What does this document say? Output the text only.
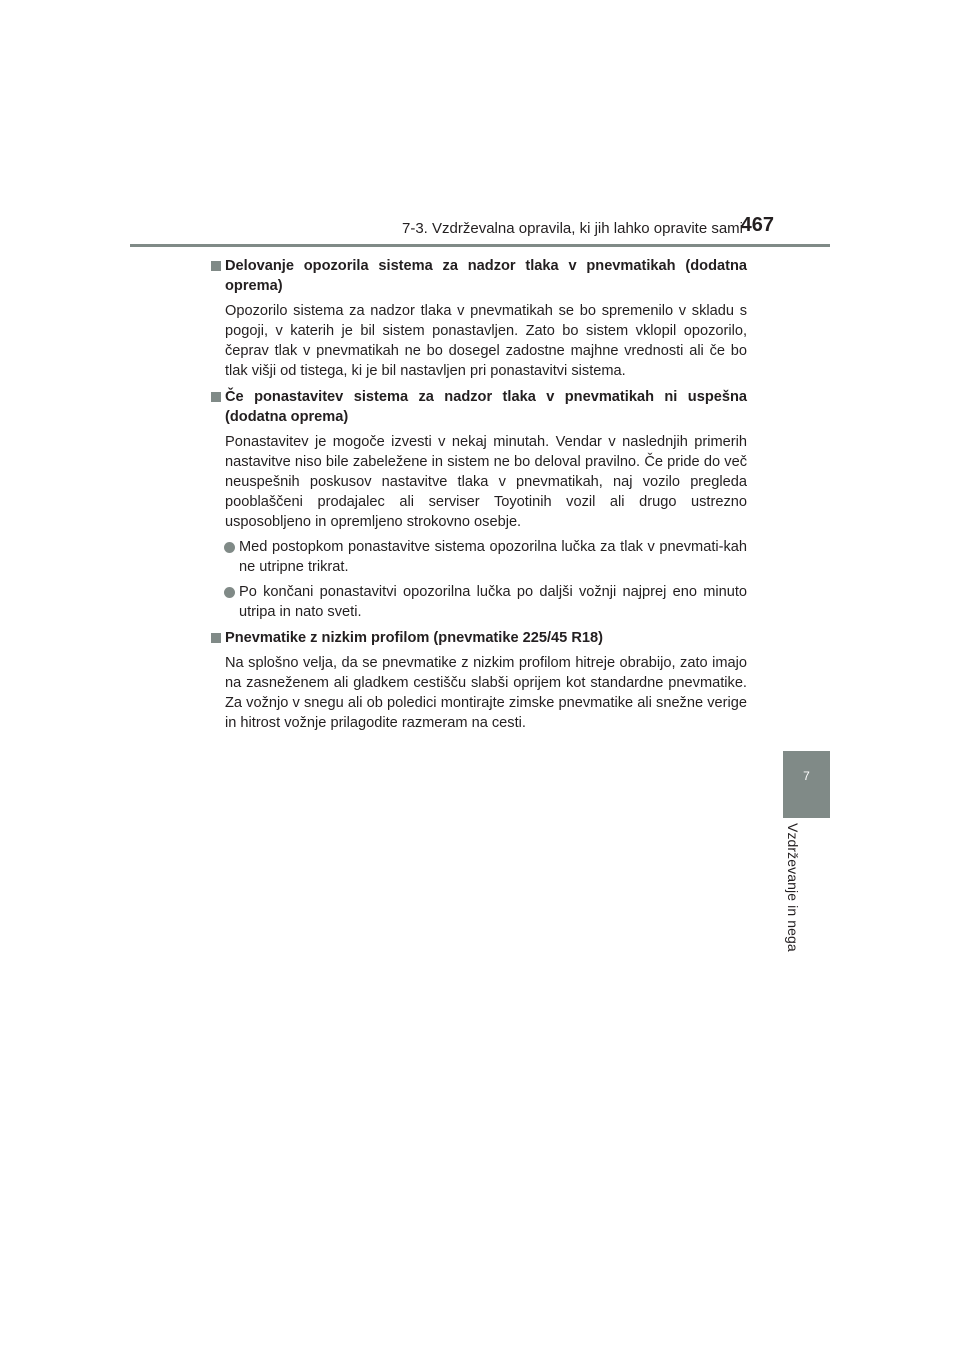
7-3. Vzdrževalna opravila, ki jih lahko opravite sami
467
7
Vzdrževanje in nega
Delovanje opozorila sistema za nadzor tlaka v pnevmatikah (dodatna oprema)
Opozorilo sistema za nadzor tlaka v pnevmatikah se bo spremenilo v skladu s pogoji, v katerih je bil sistem ponastavljen. Zato bo sistem vklopil opozorilo, čeprav tlak v pnevmatikah ne bo dosegel zadostne majhne vrednosti ali če bo tlak višji od tistega, ki je bil nastavljen pri ponastavitvi sistema.
Če ponastavitev sistema za nadzor tlaka v pnevmatikah ni uspešna (dodatna oprema)
Ponastavitev je mogoče izvesti v nekaj minutah. Vendar v naslednjih primerih nastavitve niso bile zabeležene in sistem ne bo deloval pravilno. Če pride do več neuspešnih poskusov nastavitve tlaka v pnevmatikah, naj vozilo pregleda pooblaščeni prodajalec ali serviser Toyotinih vozil ali drugo ustrezno usposobljeno in opremljeno strokovno osebje.
Med postopkom ponastavitve sistema opozorilna lučka za tlak v pnevmati-kah ne utripne trikrat.
Po končani ponastavitvi opozorilna lučka po daljši vožnji najprej eno minuto utripa in nato sveti.
Pnevmatike z nizkim profilom (pnevmatike 225/45 R18)
Na splošno velja, da se pnevmatike z nizkim profilom hitreje obrabijo, zato imajo na zasneženem ali gladkem cestišču slabši oprijem kot standardne pnevmatike. Za vožnjo v snegu ali ob poledici montirajte zimske pnevmatike ali snežne verige in hitrost vožnje prilagodite razmeram na cesti.
